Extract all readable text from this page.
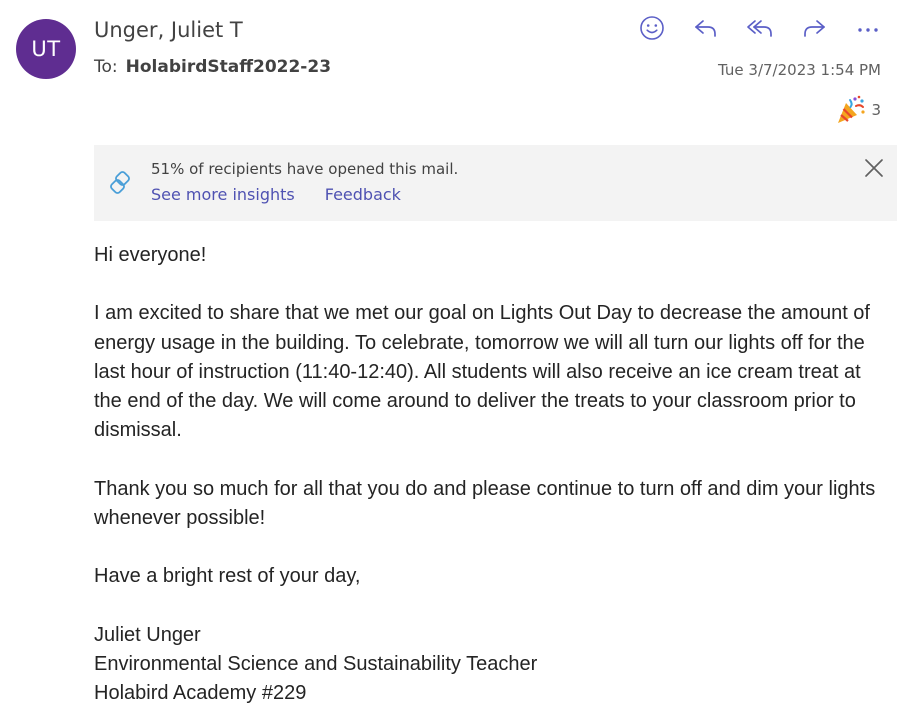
UT
Unger, Juliet T
To: HolabirdStaff2022-23	Tue 3/7/2023 1:54 PM
3
51% of recipients have opened this mail.
See more insights Feedback

Hi everyone!

I am excited to share that we met our goal on Lights Out Day to decrease the amount of energy usage in the building. To celebrate, tomorrow we will all turn our lights off for the last hour of instruction (11:40-12:40). All students will also receive an ice cream treat at the end of the day. We will come around to deliver the treats to your classroom prior to dismissal.

Thank you so much for all that you do and please continue to turn off and dim your lights whenever possible!

Have a bright rest of your day,

Juliet Unger
Environmental Science and Sustainability Teacher
Holabird Academy #229
